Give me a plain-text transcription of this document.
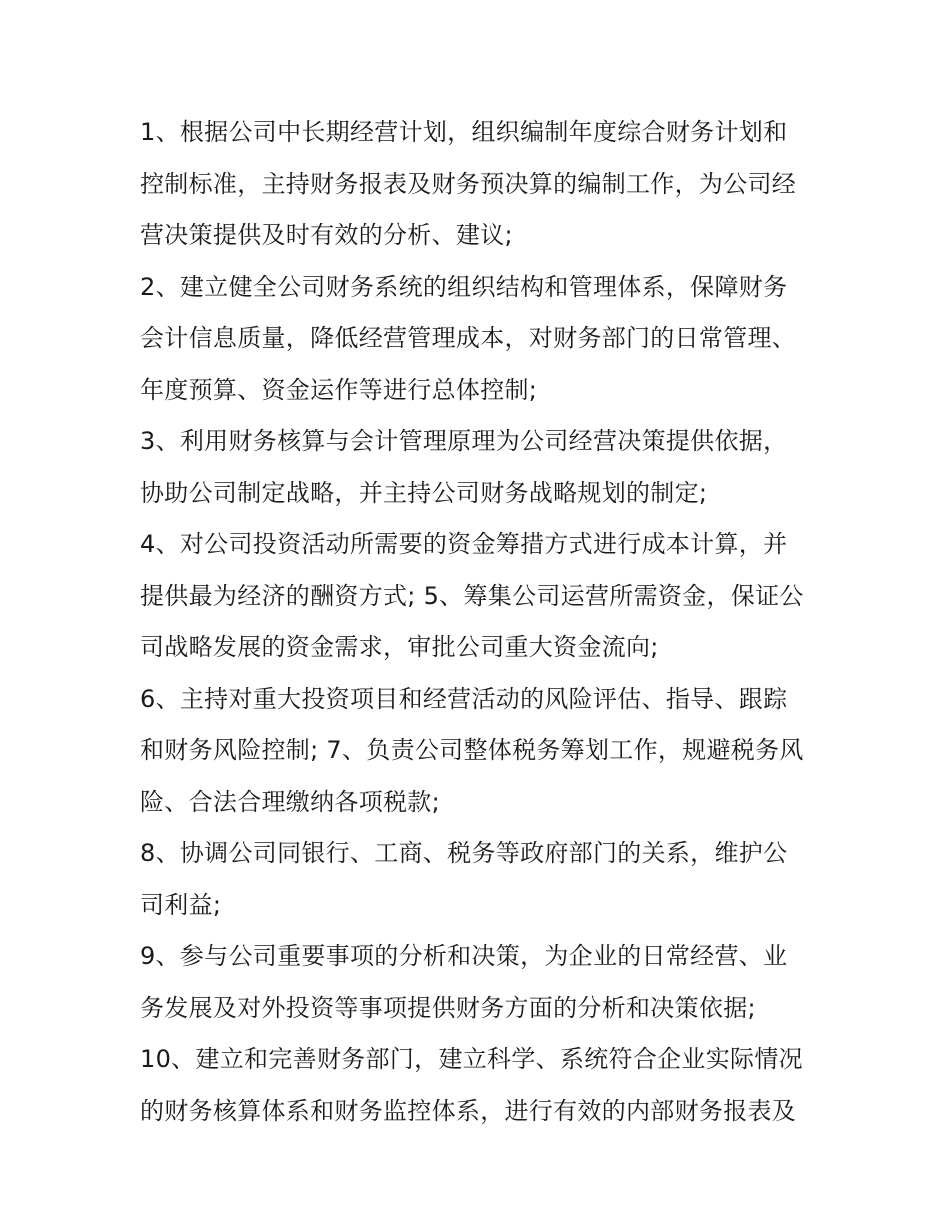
1、根据公司中长期经营计划，组织编制年度综合财务计划和

控制标准，主持财务报表及财务预决算的编制工作，为公司经

营决策提供及时有效的分析、建议;

2、建立健全公司财务系统的组织结构和管理体系，保障财务

会计信息质量，降低经营管理成本，对财务部门的日常管理、

年度预算、资金运作等进行总体控制;

3、利用财务核算与会计管理原理为公司经营决策提供依据，

协助公司制定战略，并主持公司财务战略规划的制定;

4、对公司投资活动所需要的资金筹措方式进行成本计算，并

提供最为经济的酬资方式; 5、筹集公司运营所需资金，保证公

司战略发展的资金需求，审批公司重大资金流向;

6、主持对重大投资项目和经营活动的风险评估、指导、跟踪

和财务风险控制; 7、负责公司整体税务筹划工作，规避税务风

险、合法合理缴纳各项税款;

8、协调公司同银行、工商、税务等政府部门的关系，维护公

司利益;

9、参与公司重要事项的分析和决策，为企业的日常经营、业

务发展及对外投资等事项提供财务方面的分析和决策依据;

10、建立和完善财务部门，建立科学、系统符合企业实际情况

的财务核算体系和财务监控体系，进行有效的内部财务报表及
